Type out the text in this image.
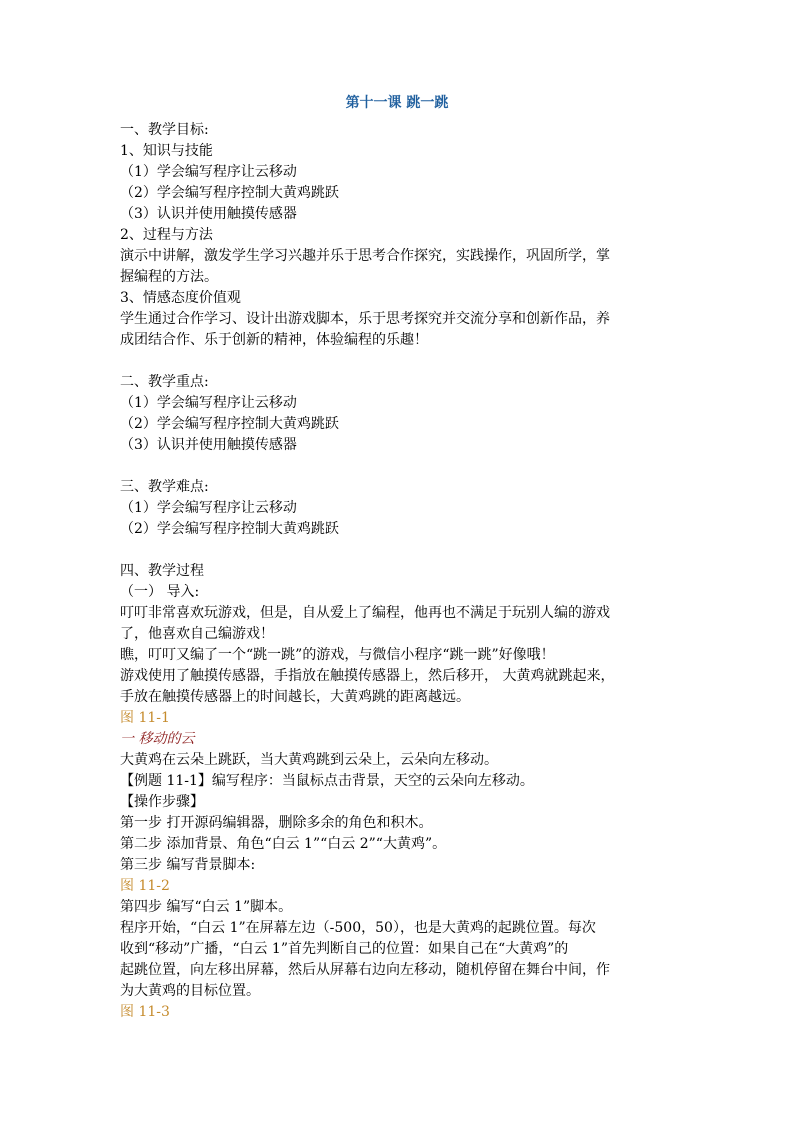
第十一课 跳一跳

一、教学目标:

1、知识与技能

（1）学会编写程序让云移动

（2）学会编写程序控制大黄鸡跳跃

（3）认识并使用触摸传感器

2、过程与方法

演示中讲解，激发学生学习兴趣并乐于思考合作探究，实践操作，巩固所学，掌

握编程的方法。

3、情感态度价值观

学生通过合作学习、设计出游戏脚本，乐于思考探究并交流分享和创新作品，养

成团结合作、乐于创新的精神，体验编程的乐趣！

二、教学重点:

（1）学会编写程序让云移动

（2）学会编写程序控制大黄鸡跳跃

（3）认识并使用触摸传感器

三、教学难点:

（1）学会编写程序让云移动

（2）学会编写程序控制大黄鸡跳跃

四、教学过程

（一） 导入:

叮叮非常喜欢玩游戏，但是，自从爱上了编程，他再也不满足于玩别人编的游戏

了，他喜欢自己编游戏！

瞧，叮叮又编了一个“跳一跳”的游戏，与微信小程序“跳一跳”好像哦！

游戏使用了触摸传感器，手指放在触摸传感器上，然后移开， 大黄鸡就跳起来，

手放在触摸传感器上的时间越长，大黄鸡跳的距离越远。

图 11-1

一 移动的云

大黄鸡在云朵上跳跃，当大黄鸡跳到云朵上，云朵向左移动。

【例题 11-1】编写程序：当鼠标点击背景，天空的云朵向左移动。

【操作步骤】

第一步 打开源码编辑器，删除多余的角色和积木。

第二步 添加背景、角色“白云 1”“白云 2”“大黄鸡”。

第三步 编写背景脚本:

图 11-2

第四步 编写“白云 1”脚本。

程序开始，“白云 1”在屏幕左边（-500，50），也是大黄鸡的起跳位置。每次

收到“移动”广播，“白云 1”首先判断自己的位置：如果自己在“大黄鸡”的

起跳位置，向左移出屏幕，然后从屏幕右边向左移动，随机停留在舞台中间，作

为大黄鸡的目标位置。

图 11-3
